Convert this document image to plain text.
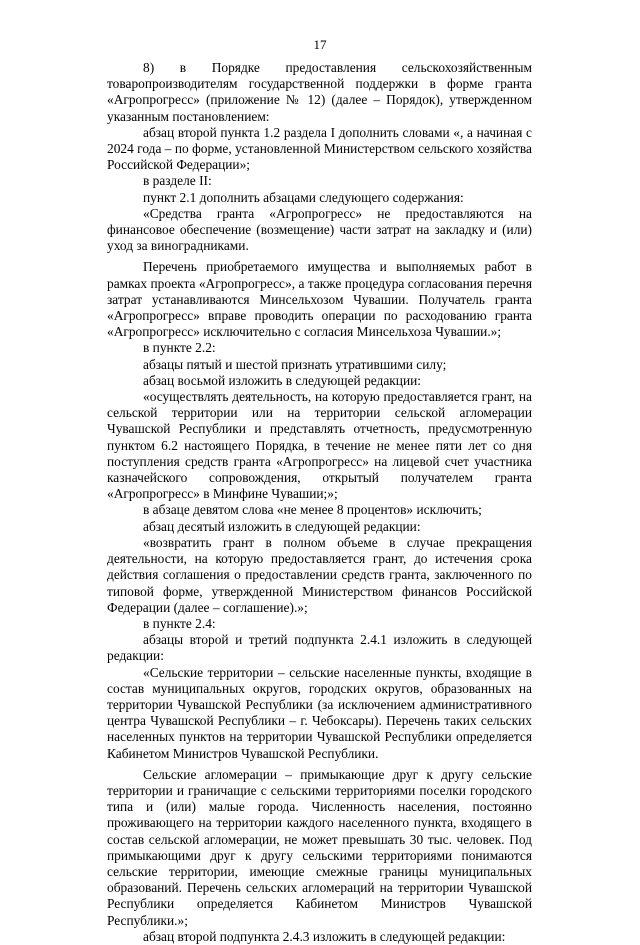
17

8) в Порядке предоставления сельскохозяйственным товаропроизводителям государственной поддержки в форме гранта «Агропрогресс» (приложение № 12) (далее – Порядок), утвержденном указанным постановлением:

абзац второй пункта 1.2 раздела I дополнить словами «, а начиная с 2024 года – по форме, установленной Министерством сельского хозяйства Российской Федерации»;

в разделе II:

пункт 2.1 дополнить абзацами следующего содержания:

«Средства гранта «Агропрогресс» не предоставляются на финансовое обеспечение (возмещение) части затрат на закладку и (или) уход за виноградниками.

Перечень приобретаемого имущества и выполняемых работ в рамках проекта «Агропрогресс», а также процедура согласования перечня затрат устанавливаются Минсельхозом Чувашии. Получатель гранта «Агропрогресс» вправе проводить операции по расходованию гранта «Агропрогресс» исключительно с согласия Минсельхоза Чувашии.»;

в пункте 2.2:

абзацы пятый и шестой признать утратившими силу;

абзац восьмой изложить в следующей редакции:

«осуществлять деятельность, на которую предоставляется грант, на сельской территории или на территории сельской агломерации Чувашской Республики и представлять отчетность, предусмотренную пунктом 6.2 настоящего Порядка, в течение не менее пяти лет со дня поступления средств гранта «Агропрогресс» на лицевой счет участника казначейского сопровождения, открытый получателем гранта «Агропрогресс» в Минфине Чувашии;»;

в абзаце девятом слова «не менее 8 процентов» исключить;

абзац десятый изложить в следующей редакции:

«возвратить грант в полном объеме в случае прекращения деятельности, на которую предоставляется грант, до истечения срока действия соглашения о предоставлении средств гранта, заключенного по типовой форме, утвержденной Министерством финансов Российской Федерации (далее – соглашение).»;

в пункте 2.4:

абзацы второй и третий подпункта 2.4.1 изложить в следующей редакции:

«Сельские территории – сельские населенные пункты, входящие в состав муниципальных округов, городских округов, образованных на территории Чувашской Республики (за исключением административного центра Чувашской Республики – г. Чебоксары). Перечень таких сельских населенных пунктов на территории Чувашской Республики определяется Кабинетом Министров Чувашской Республики.

Сельские агломерации – примыкающие друг к другу сельские территории и граничащие с сельскими территориями поселки городского типа и (или) малые города. Численность населения, постоянно проживающего на территории каждого населенного пункта, входящего в состав сельской агломерации, не может превышать 30 тыс. человек. Под примыкающими друг к другу сельскими территориями понимаются сельские территории, имеющие смежные границы муниципальных образований. Перечень сельских агломераций на территории Чувашской Республики определяется Кабинетом Министров Чувашской Республики.»;

абзац второй подпункта 2.4.3 изложить в следующей редакции:
